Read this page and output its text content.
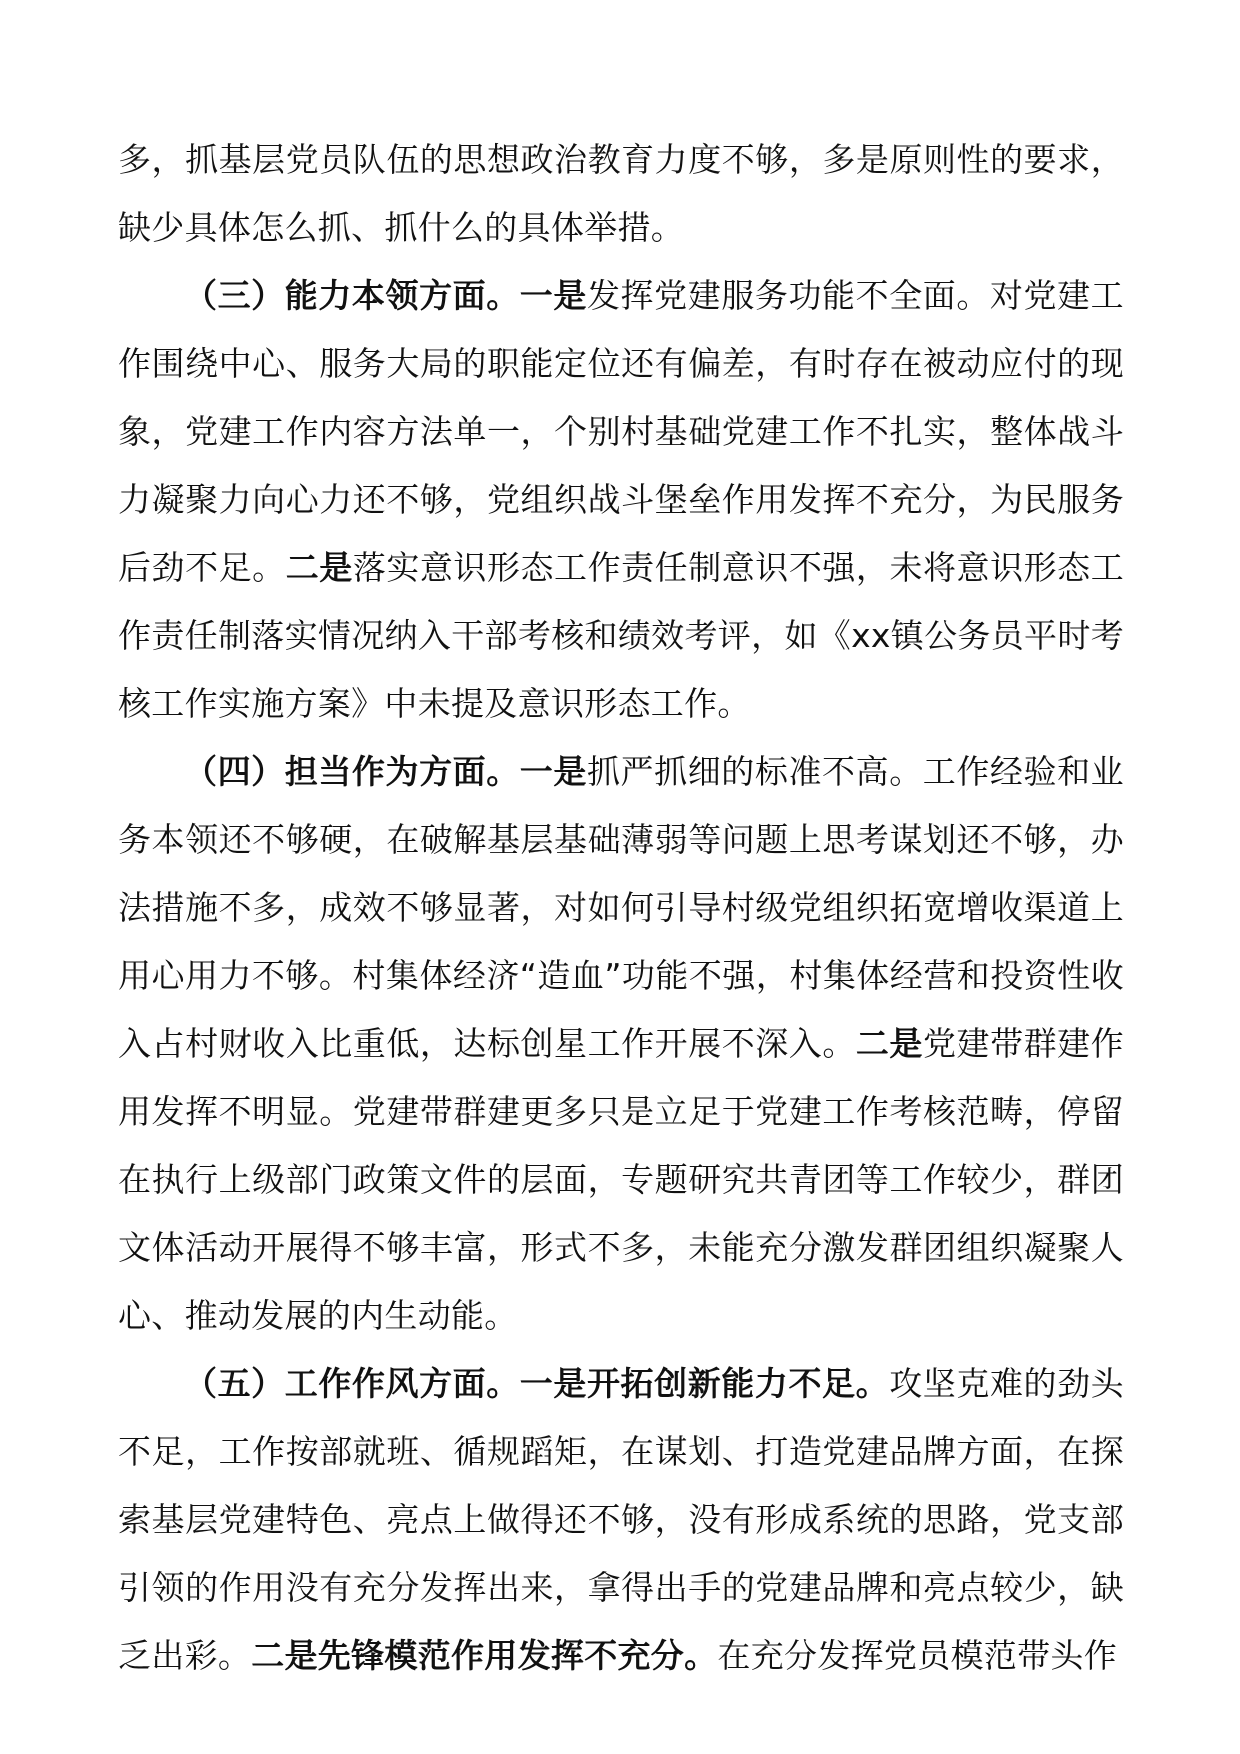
多，抓基层党员队伍的思想政治教育力度不够，多是原则性的要求，缺少具体怎么抓、抓什么的具体举措。

（三）能力本领方面。一是发挥党建服务功能不全面。对党建工作围绕中心、服务大局的职能定位还有偏差，有时存在被动应付的现象，党建工作内容方法单一，个别村基础党建工作不扎实，整体战斗力凝聚力向心力还不够，党组织战斗堡垒作用发挥不充分，为民服务后劲不足。二是落实意识形态工作责任制意识不强，未将意识形态工作责任制落实情况纳入干部考核和绩效考评，如《xx镇公务员平时考核工作实施方案》中未提及意识形态工作。

（四）担当作为方面。一是抓严抓细的标准不高。工作经验和业务本领还不够硬，在破解基层基础薄弱等问题上思考谋划还不够，办法措施不多，成效不够显著，对如何引导村级党组织拓宽增收渠道上用心用力不够。村集体经济“造血”功能不强，村集体经营和投资性收入占村财收入比重低，达标创星工作开展不深入。二是党建带群建作用发挥不明显。党建带群建更多只是立足于党建工作考核范畴，停留在执行上级部门政策文件的层面，专题研究共青团等工作较少，群团文体活动开展得不够丰富，形式不多，未能充分激发群团组织凝聚人心、推动发展的内生动能。

（五）工作作风方面。一是开拓创新能力不足。攻坚克难的劲头不足，工作按部就班、循规蹈矩，在谋划、打造党建品牌方面，在探索基层党建特色、亮点上做得还不够，没有形成系统的思路，党支部引领的作用没有充分发挥出来，拿得出手的党建品牌和亮点较少，缺乏出彩。二是先锋模范作用发挥不充分。在充分发挥党员模范带头作
